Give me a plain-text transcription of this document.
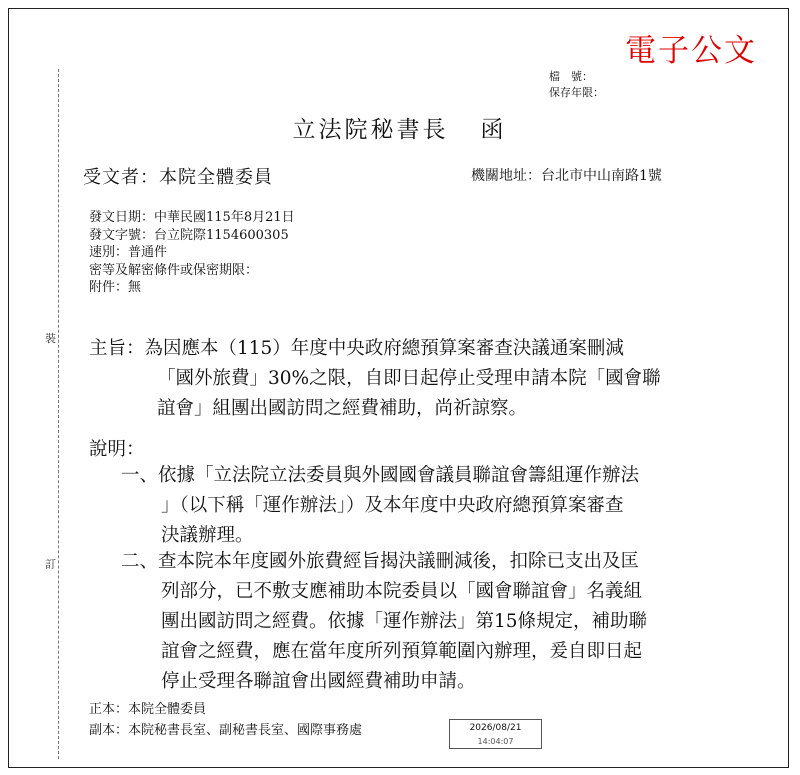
裝
訂
電子公文
檔　號：
保存年限：
立法院秘書長 函
受文者：本院全體委員	機關地址：台北市中山南路1號
發文日期：中華民國115年8月21日
發文字號：台立院際1154600305
速別：普通件
密等及解密條件或保密期限：
附件：無
主旨：為因應本（115）年度中央政府總預算案審查決議通案刪減
「國外旅費」30%之限，自即日起停止受理申請本院「國會聯
誼會」組團出國訪問之經費補助，尚祈諒察。
說明：
一、依據「立法院立法委員與外國國會議員聯誼會籌組運作辦法
」（以下稱「運作辦法」）及本年度中央政府總預算案審查
決議辦理。
二、查本院本年度國外旅費經旨揭決議刪減後，扣除已支出及匡
列部分，已不敷支應補助本院委員以「國會聯誼會」名義組
團出國訪問之經費。依據「運作辦法」第15條規定，補助聯
誼會之經費，應在當年度所列預算範圍內辦理，爰自即日起
停止受理各聯誼會出國經費補助申請。
正本：本院全體委員
副本：本院秘書長室、副秘書長室、國際事務處	2026/08/21
14:04:07
